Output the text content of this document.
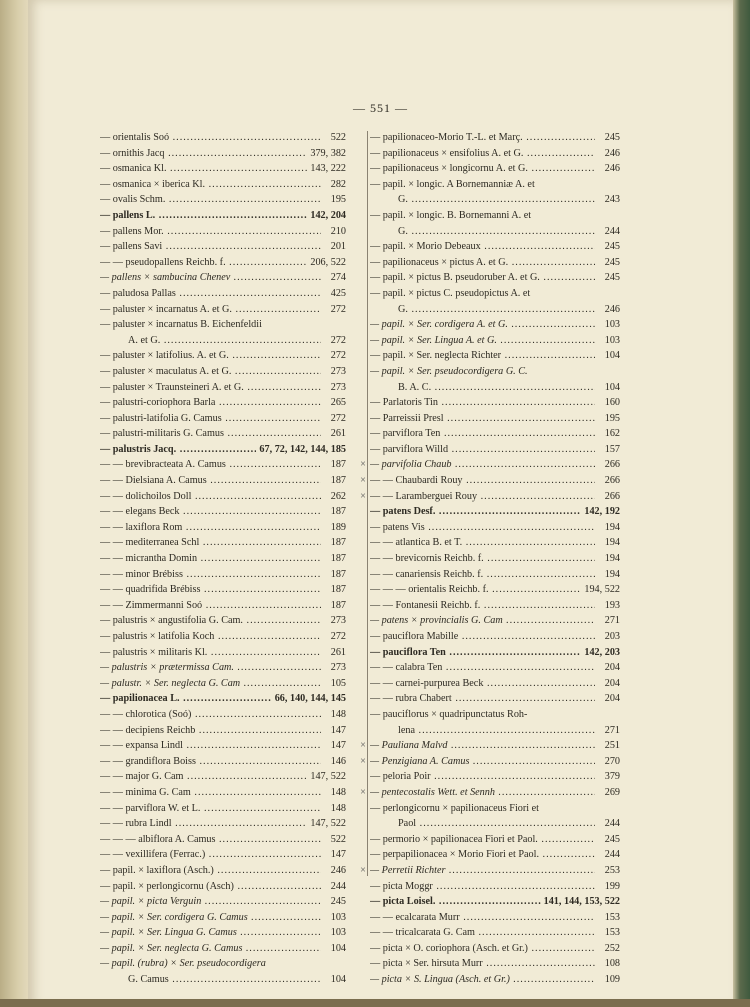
— 551 —
— orientalis Soó .....	522
— ornithis Jacq .....	379, 382
— osmanica Kl. .....	143, 222
— osmanica × iberica Kl. .....	282
— ovalis Schm. .....	195
— pallens L. .....	142, 204
— pallens Mor. .....	210
— pallens Savi .....	201
— — pseudopallens Reichb. f. .....	206, 522
— pallens × sambucina Chenev .....	274
— paludosa Pallas .....	425
— paluster × incarnatus A. et G. .....	272
— paluster × incarnatus B. Eichenfeldii
A. et G. .....	272
— paluster × latifolius. A. et G. .....	272
— paluster × maculatus A. et G. .....	273
— paluster × Traunsteineri A. et G. .....	273
— palustri-coriophora Barla .....	265
— palustri-latifolia G. Camus .....	272
— palustri-militaris G. Camus .....	261
— palustris Jacq. .....	67, 72, 142, 144, 185
— — brevibracteata A. Camus .....	187
— — Dielsiana A. Camus .....	187
— — dolichoilos Doll .....	262
— — elegans Beck .....	187
— — laxiflora Rom .....	189
— — mediterranea Schl .....	187
— — micrantha Domin .....	187
— — minor Brébiss .....	187
— — quadrifida Brébiss .....	187
— — Zimmermanni Soó .....	187
— palustris × angustifolia G. Cam. .....	273
— palustris × latifolia Koch .....	272
— palustris × militaris Kl. .....	261
— palustris × prætermissa Cam. .....	273
— palustr. × Ser. neglecta G. Cam .....	105
— papilionacea L. .....	66, 140, 144, 145
— — chlorotica (Soó) .....	148
— — decipiens Reichb .....	147
— — expansa Lindl .....	147
— — grandiflora Boiss .....	146
— — major G. Cam .....	147, 522
— — minima G. Cam .....	148
— — parviflora W. et L. .....	148
— — rubra Lindl .....	147, 522
— — — albiflora A. Camus .....	522
— — vexillifera (Ferrac.) .....	147
— papil. × laxiflora (Asch.) .....	246
— papil. × perlongicornu (Asch) .....	244
— papil. × picta Verguin .....	245
— papil. × Ser. cordigera G. Camus .....	103
— papil. × Ser. Lingua G. Camus .....	103
— papil. × Ser. neglecta G. Camus .....	104
— papil. (rubra) × Ser. pseudocordigera
G. Camus .....	104
— papilionaceo-Morio T.-L. et Març. .....	245
— papilionaceus × ensifolius A. et G. .....	246
— papilionaceus × longicornu A. et G. .....	246
— papil. × longic. A Bornemanniæ A. et
G. .....	243
— papil. × longic. B. Bornemanni A. et
G. .....	244
— papil. × Morio Debeaux .....	245
— papilionaceus × pictus A. et G. .....	245
— papil. × pictus B. pseudoruber A. et G. .....	245
— papil. × pictus C. pseudopictus A. et
G. .....	246
— papil. × Ser. cordigera A. et G. .....	103
— papil. × Ser. Lingua A. et G. .....	103
— papil. × Ser. neglecta Richter .....	104
— papil. × Ser. pseudocordigera G. C.
B. A. C. .....	104
— Parlatoris Tin .....	160
— Parreissii Presl .....	195
— parviflora Ten .....	162
— parviflora Willd .....	157
× — parvifolia Chaub .....	266
× — — Chaubardi Rouy .....	266
× — — Larambergueі Rouy .....	266
— patens Desf. .....	142, 192
— patens Vis .....	194
— — atlantica B. et T. .....	194
— — brevicornis Reichb. f. .....	194
— — canariensis Reichb. f. .....	194
— — — orientalis Reichb. f. .....	194, 522
— — Fontanesii Reichb. f. .....	193
— patens × provincialis G. Cam .....	271
— pauciflora Mabille .....	203
— pauciflora Ten .....	142, 203
— — calabra Ten .....	204
— — carnei-purpurea Beck .....	204
— — rubra Chabert .....	204
— pauciflorus × quadripunctatus Roh-
lena .....	271
× — Pauliana Malvd .....	251
× — Penzigiana A. Camus .....	270
— peloria Poir .....	379
× — pentecostalis Wett. et Sennh .....	269
— perlongicornu × papilionaceus Fiori et
Paol .....	244
— permorio × papilionacea Fiori et Paol. .....	245
— perpapilionacea × Morio Fiori et Paol. .....	244
× — Perretii Richter .....	253
— picta Moggr .....	199
— picta Loisel. .....	141, 144, 153, 522
— — ecalcarata Murr .....	153
— — tricalcarata G. Cam .....	153
— picta × O. coriophora (Asch. et Gr.) .....	252
— picta × Ser. hirsuta Murr .....	108
— picta × S. Lingua (Asch. et Gr.) .....	109
